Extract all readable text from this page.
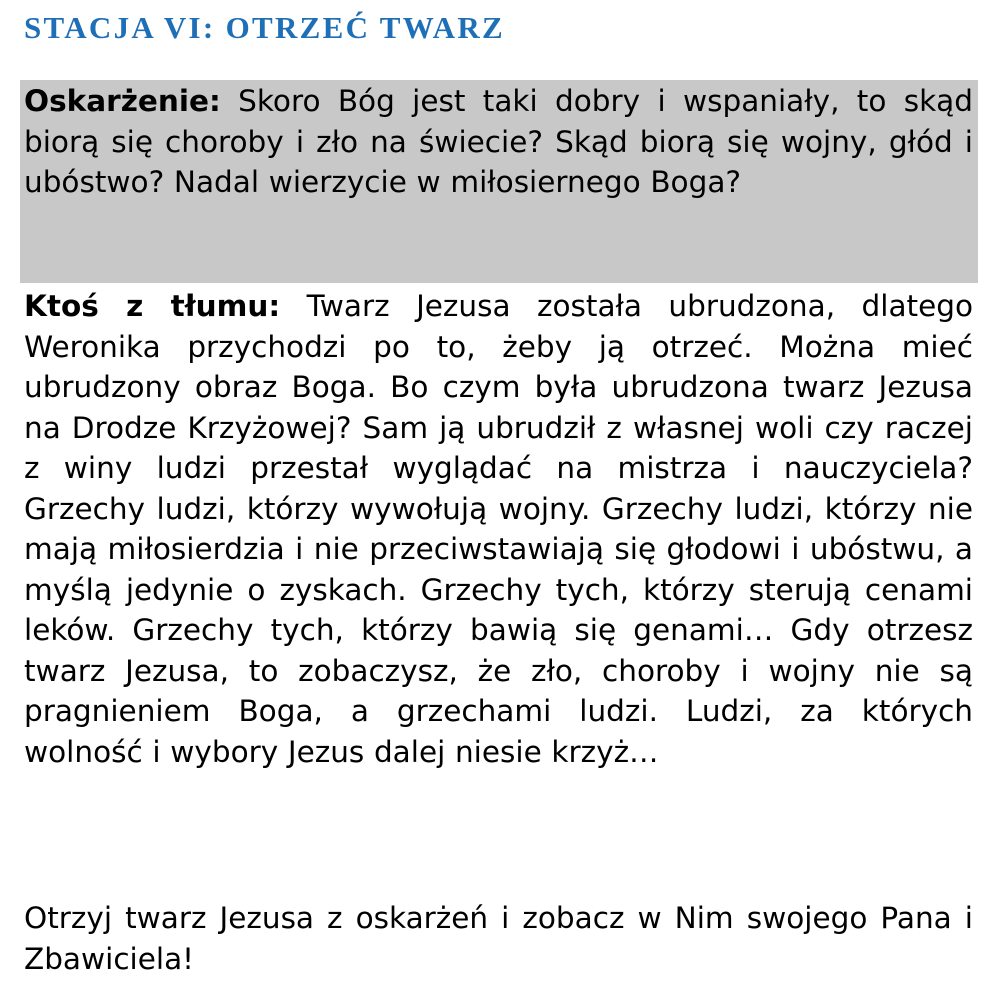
STACJA VI: OTRZEĆ TWARZ

Oskarżenie: Skoro Bóg jest taki dobry i wspaniały, to skąd biorą się choroby i zło na świecie? Skąd biorą się wojny, głód i ubóstwo? Nadal wierzycie w miłosiernego Boga?

Ktoś z tłumu: Twarz Jezusa została ubrudzona, dlatego Weronika przychodzi po to, żeby ją otrzeć. Można mieć ubrudzony obraz Boga. Bo czym była ubrudzona twarz Jezusa na Drodze Krzyżowej? Sam ją ubrudził z własnej woli czy raczej z winy ludzi przestał wyglądać na mistrza i nauczyciela? Grzechy ludzi, którzy wywołują wojny. Grzechy ludzi, którzy nie mają miłosierdzia i nie przeciwstawiają się głodowi i ubóstwu, a myślą jedynie o zyskach. Grzechy tych, którzy sterują cenami leków. Grzechy tych, którzy bawią się genami… Gdy otrzesz twarz Jezusa, to zobaczysz, że zło, choroby i wojny nie są pragnieniem Boga, a grzechami ludzi. Ludzi, za których wolność i wybory Jezus dalej niesie krzyż…

Otrzyj twarz Jezusa z oskarżeń i zobacz w Nim swojego Pana i Zbawiciela!
